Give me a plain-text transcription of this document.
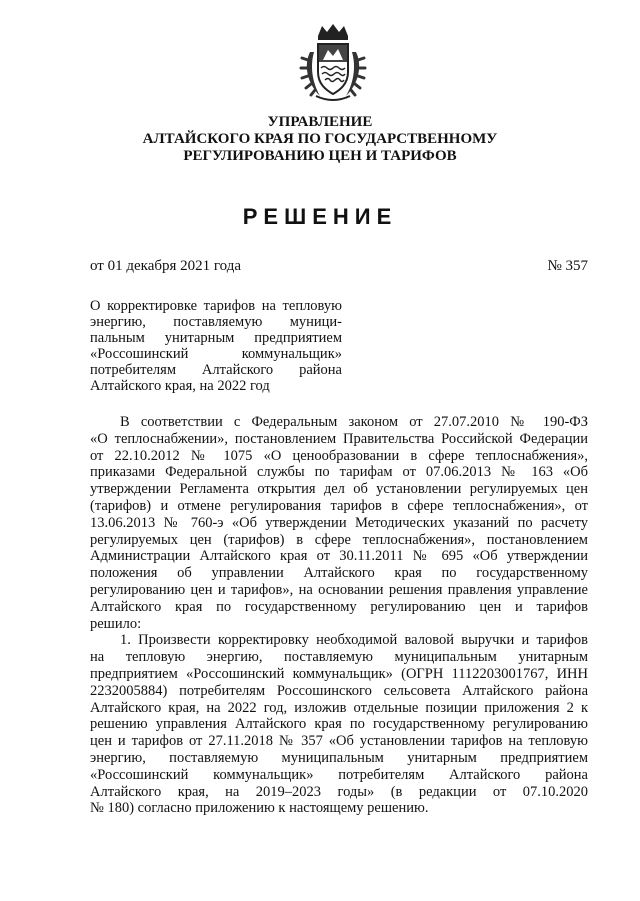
УПРАВЛЕНИЕ
АЛТАЙСКОГО КРАЯ ПО ГОСУДАРСТВЕННОМУ
РЕГУЛИРОВАНИЮ ЦЕН И ТАРИФОВ
РЕШЕНИЕ
от 01 декабря 2021 года	№ 357
О корректировке тарифов на тепловую
энергию, поставляемую муници-
пальным унитарным предприятием
«Россошинский коммунальщик»
потребителям Алтайского района
Алтайского края, на 2022 год
В соответствии с Федеральным законом от 27.07.2010 № 190-ФЗ
«О теплоснабжении», постановлением Правительства Российской Федерации
от 22.10.2012 № 1075 «О ценообразовании в сфере теплоснабжения»,
приказами Федеральной службы по тарифам от 07.06.2013 № 163 «Об
утверждении Регламента открытия дел об установлении регулируемых цен
(тарифов) и отмене регулирования тарифов в сфере теплоснабжения», от
13.06.2013 № 760-э «Об утверждении Методических указаний по расчету
регулируемых цен (тарифов) в сфере теплоснабжения», постановлением
Администрации Алтайского края от 30.11.2011 № 695 «Об утверждении
положения об управлении Алтайского края по государственному
регулированию цен и тарифов», на основании решения правления управление
Алтайского края по государственному регулированию цен и тарифов
решило:
1. Произвести корректировку необходимой валовой выручки и тарифов
на тепловую энергию, поставляемую муниципальным унитарным
предприятием «Россошинский коммунальщик» (ОГРН 1112203001767, ИНН
2232005884) потребителям Россошинского сельсовета Алтайского района
Алтайского края, на 2022 год, изложив отдельные позиции приложения 2 к
решению управления Алтайского края по государственному регулированию
цен и тарифов от 27.11.2018 № 357 «Об установлении тарифов на тепловую
энергию, поставляемую муниципальным унитарным предприятием
«Россошинский коммунальщик» потребителям Алтайского района
Алтайского края, на 2019–2023 годы» (в редакции от 07.10.2020
№ 180) согласно приложению к настоящему решению.
